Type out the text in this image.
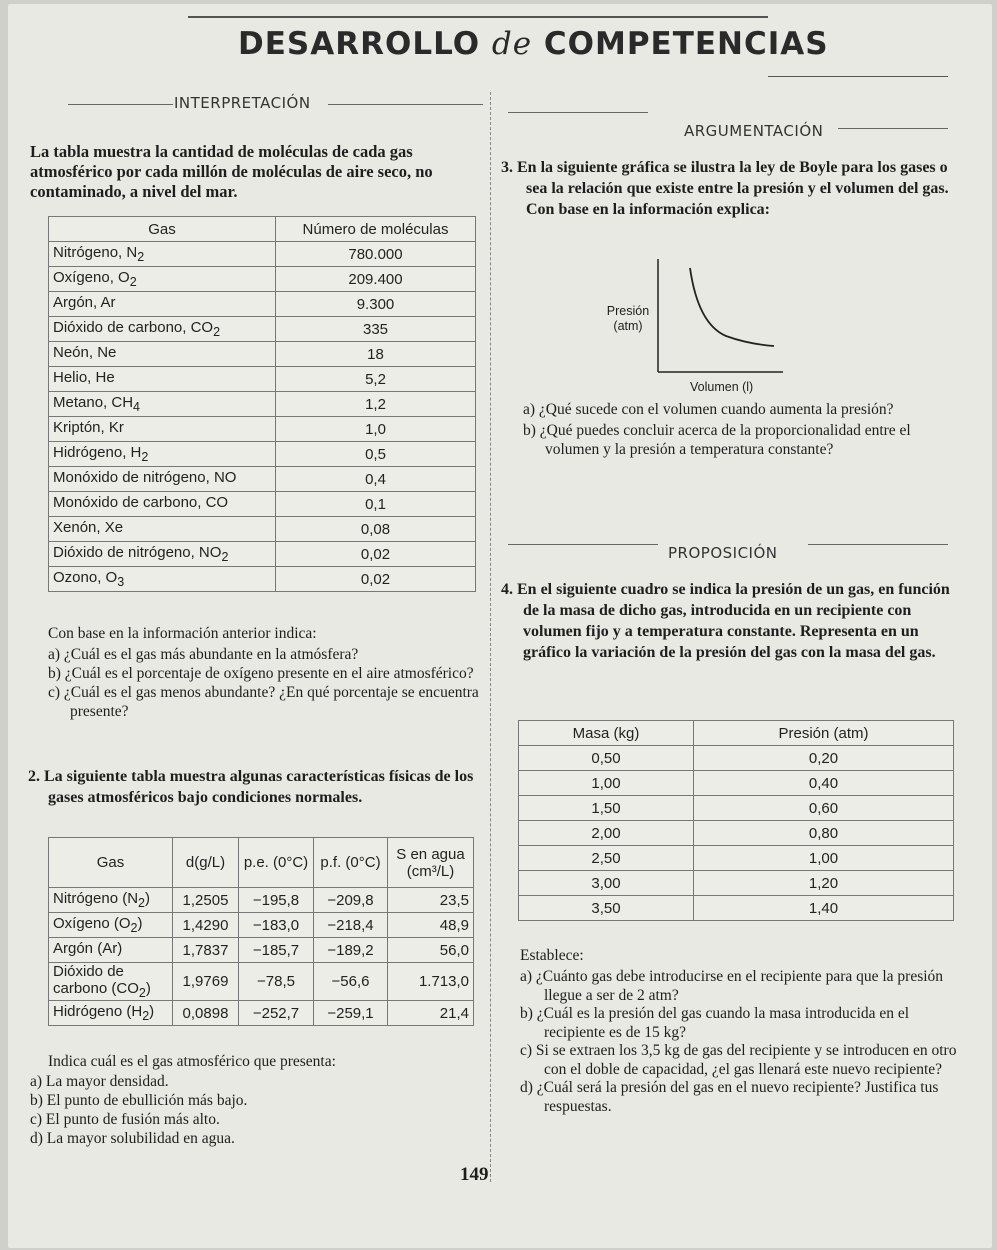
DESARROLLO de COMPETENCIAS
INTERPRETACIÓN
La tabla muestra la cantidad de moléculas de cada gas atmosférico por cada millón de moléculas de aire seco, no contaminado, a nivel del mar.
Gas	Número de moléculas
Nitrógeno, $N_2$	780.000
Oxígeno, $O_2$	209.400
Argón, Ar	9.300
Dióxido de carbono, $CO_2$	335
Neón, Ne	18
Helio, He	5,2
Metano, $CH_4$	1,2
Kriptón, Kr	1,0
Hidrógeno, $H_2$	0,5
Monóxido de nitrógeno, NO	0,4
Monóxido de carbono, CO	0,1
Xenón, Xe	0,08
Dióxido de nitrógeno, $NO_2$	0,02
Ozono, $O_3$	0,02
Con base en la información anterior indica:
a) ¿Cuál es el gas más abundante en la atmósfera?
b) ¿Cuál es el porcentaje de oxígeno presente en el aire atmosférico?
c) ¿Cuál es el gas menos abundante? ¿En qué porcentaje se encuentra presente?
2. La siguiente tabla muestra algunas características físicas de los gases atmosféricos bajo condiciones normales.
Gas	d(g/L)	p.e. (0°C)	p.f. (0°C)	S en agua (cm³/L)
Nitrógeno $(N_2)$	1,2505	−195,8	−209,8	23,5
Oxígeno $(O_2)$	1,4290	−183,0	−218,4	48,9
Argón (Ar)	1,7837	−185,7	−189,2	56,0
Dióxido de carbono $(CO_2)$	1,9769	−78,5	−56,6	1.713,0
Hidrógeno $(H_2)$	0,0898	−252,7	−259,1	21,4
Indica cuál es el gas atmosférico que presenta:
a) La mayor densidad.
b) El punto de ebullición más bajo.
c) El punto de fusión más alto.
d) La mayor solubilidad en agua.
ARGUMENTACIÓN
3. En la siguiente gráfica se ilustra la ley de Boyle para los gases o sea la relación que existe entre la presión y el volumen del gas. Con base en la información explica:
Presión
(atm)
Volumen (l)
a) ¿Qué sucede con el volumen cuando aumenta la presión?
b) ¿Qué puedes concluir acerca de la proporcionalidad entre el volumen y la presión a temperatura constante?
PROPOSICIÓN
4. En el siguiente cuadro se indica la presión de un gas, en función de la masa de dicho gas, introducida en un recipiente con volumen fijo y a temperatura constante. Representa en un gráfico la variación de la presión del gas con la masa del gas.
Masa (kg)	Presión (atm)
0,50	0,20
1,00	0,40
1,50	0,60
2,00	0,80
2,50	1,00
3,00	1,20
3,50	1,40
Establece:
a) ¿Cuánto gas debe introducirse en el recipiente para que la presión llegue a ser de 2 atm?
b) ¿Cuál es la presión del gas cuando la masa introducida en el recipiente es de 15 kg?
c) Si se extraen los 3,5 kg de gas del recipiente y se introducen en otro con el doble de capacidad, ¿el gas llenará este nuevo recipiente?
d) ¿Cuál será la presión del gas en el nuevo recipiente? Justifica tus respuestas.
149
